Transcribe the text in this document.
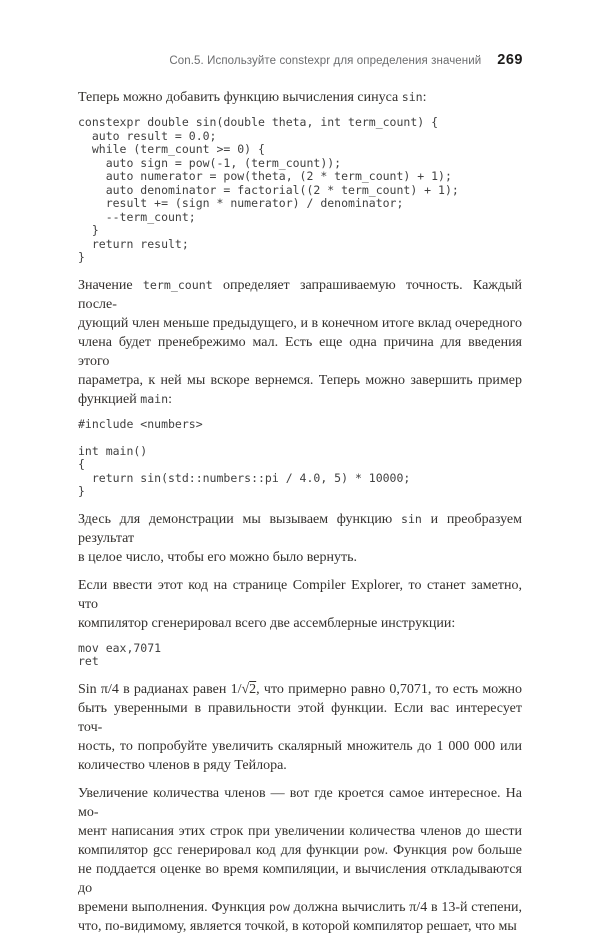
Con.5. Используйте constexpr для определения значений 269
Теперь можно добавить функцию вычисления синуса sin:
constexpr double sin(double theta, int term_count) {
auto result = 0.0;
while (term_count >= 0) {
auto sign = pow(-1, (term_count));
auto numerator = pow(theta, (2 * term_count) + 1);
auto denominator = factorial((2 * term_count) + 1);
result += (sign * numerator) / denominator;
--term_count;
}
return result;
}
Значение term_count определяет запрашиваемую точность. Каждый после-
дующий член меньше предыдущего, и в конечном итоге вклад очередного
члена будет пренебрежимо мал. Есть еще одна причина для введения этого
параметра, к ней мы вскоре вернемся. Теперь можно завершить пример
функцией main:
#include <numbers>

int main()
{
return sin(std::numbers::pi / 4.0, 5) * 10000;
}
Здесь для демонстрации мы вызываем функцию sin и преобразуем результат
в целое число, чтобы его можно было вернуть.
Если ввести этот код на странице Compiler Explorer, то станет заметно, что
компилятор сгенерировал всего две ассемблерные инструкции:
mov eax,7071
ret
Sin π/4 в радианах равен 1/√2, что примерно равно 0,7071, то есть можно
быть уверенными в правильности этой функции. Если вас интересует точ-
ность, то попробуйте увеличить скалярный множитель до 1 000 000 или
количество членов в ряду Тейлора.
Увеличение количества членов — вот где кроется самое интересное. На мо-
мент написания этих строк при увеличении количества членов до шести
компилятор gcc генерировал код для функции pow. Функция pow больше
не поддается оценке во время компиляции, и вычисления откладываются до
времени выполнения. Функция pow должна вычислить π/4 в 13-й степени,
что, по-видимому, является точкой, в которой компилятор решает, что мы
